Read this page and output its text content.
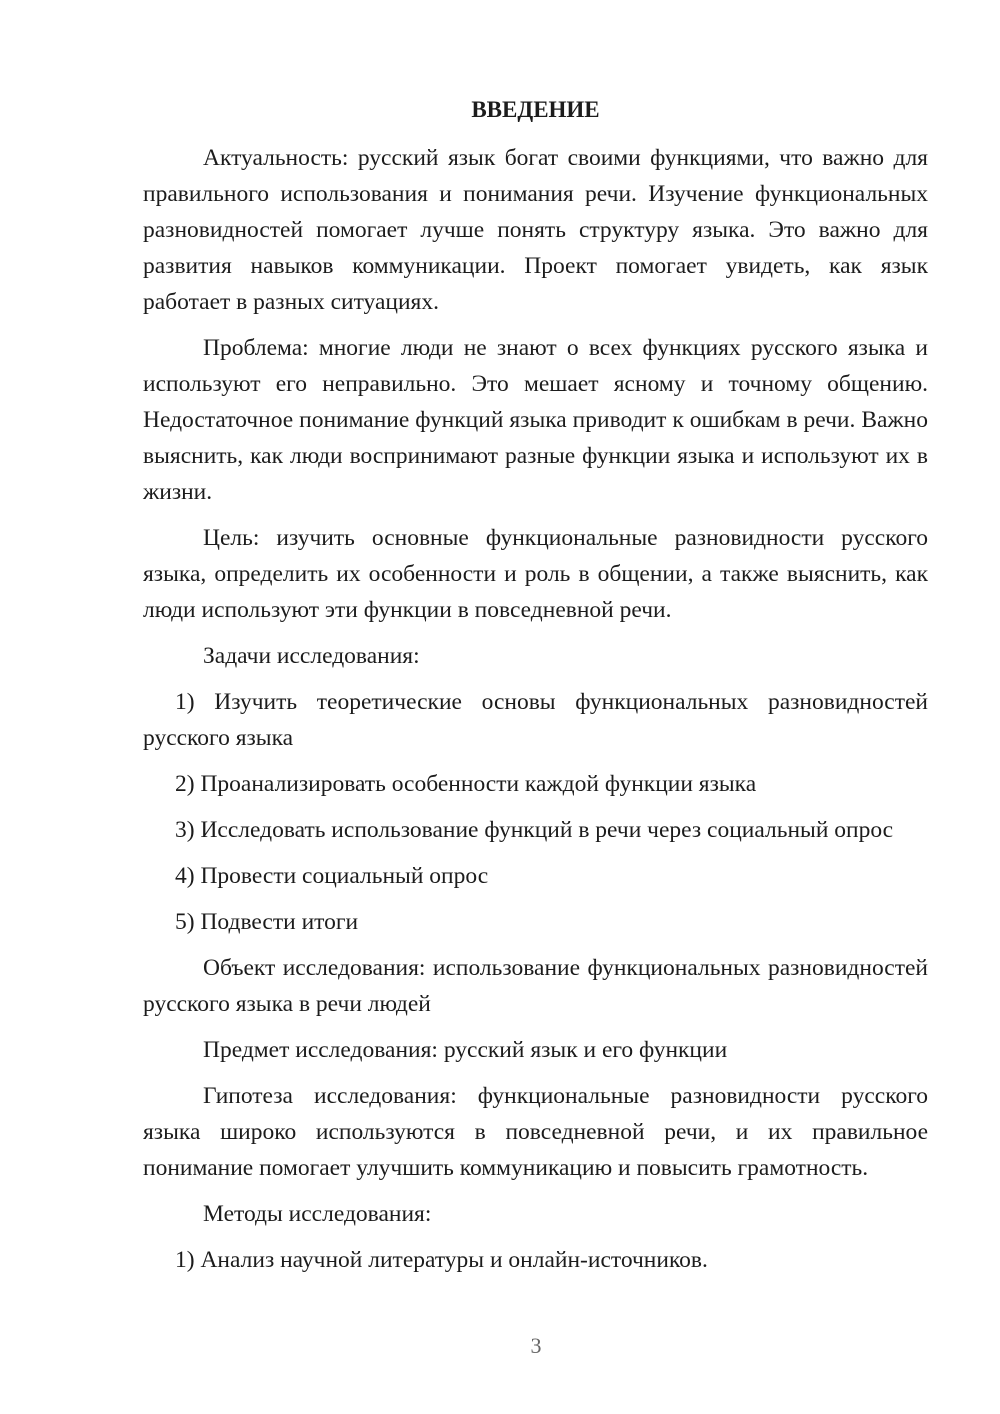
ВВЕДЕНИЕ

Актуальность: русский язык богат своими функциями, что важно для правильного использования и понимания речи. Изучение функциональных разновидностей помогает лучше понять структуру языка. Это важно для развития навыков коммуникации. Проект помогает увидеть, как язык работает в разных ситуациях.

Проблема: многие люди не знают о всех функциях русского языка и используют его неправильно. Это мешает ясному и точному общению. Недостаточное понимание функций языка приводит к ошибкам в речи. Важно выяснить, как люди воспринимают разные функции языка и используют их в жизни.

Цель: изучить основные функциональные разновидности русского языка, определить их особенности и роль в общении, а также выяснить, как люди используют эти функции в повседневной речи.

Задачи исследования:

1) Изучить теоретические основы функциональных разновидностей русского языка

2) Проанализировать особенности каждой функции языка

3) Исследовать использование функций в речи через социальный опрос

4) Провести социальный опрос

5) Подвести итоги

Объект исследования: использование функциональных разновидностей русского языка в речи людей

Предмет исследования: русский язык и его функции

Гипотеза исследования: функциональные разновидности русского языка широко используются в повседневной речи, и их правильное понимание помогает улучшить коммуникацию и повысить грамотность.

Методы исследования:

1) Анализ научной литературы и онлайн-источников.

3
